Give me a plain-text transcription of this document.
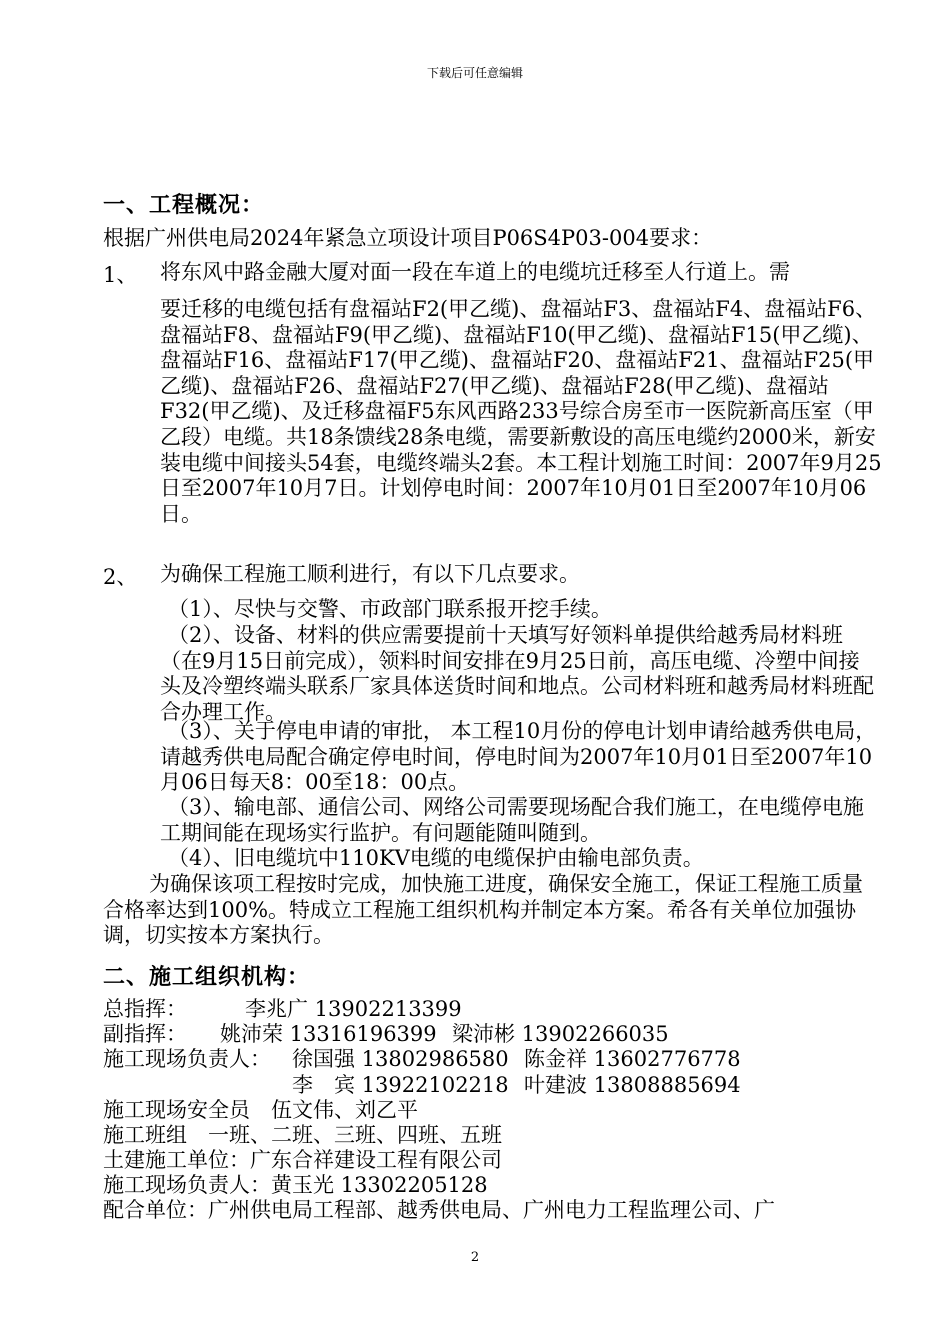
下载后可任意编辑
一、工程概况：
根据广州供电局2024年紧急立项设计项目P06S4P03-004要求：
1、 将东风中路金融大厦对面一段在车道上的电缆坑迁移至人行道上。需
要迁移的电缆包括有盘福站F2(甲乙缆)、盘福站F3、盘福站F4、盘福站F6、盘福站F8、盘福站F9(甲乙缆)、盘福站F10(甲乙缆)、盘福站F15(甲乙缆)、盘福站F16、盘福站F17(甲乙缆)、盘福站F20、盘福站F21、盘福站F25(甲乙缆)、盘福站F26、盘福站F27(甲乙缆)、盘福站F28(甲乙缆)、盘福站F32(甲乙缆)、及迁移盘福F5东风西路233号综合房至市一医院新高压室（甲乙段）电缆。共18条馈线28条电缆，需要新敷设的高压电缆约2000米，新安装电缆中间接头54套，电缆终端头2套。本工程计划施工时间：2007年9月25日至2007年10月7日。计划停电时间：2007年10月01日至2007年10月06日。
2、 为确保工程施工顺利进行，有以下几点要求。
（1）、尽快与交警、市政部门联系报开挖手续。
（2）、设备、材料的供应需要提前十天填写好领料单提供给越秀局材料班（在9月15日前完成），领料时间安排在9月25日前，高压电缆、冷塑中间接头及冷塑终端头联系厂家具体送货时间和地点。公司材料班和越秀局材料班配合办理工作。
（3）、关于停电申请的审批， 本工程10月份的停电计划申请给越秀供电局，请越秀供电局配合确定停电时间，停电时间为2007年10月01日至2007年10月06日每天8：00至18：00点。
（3）、输电部、通信公司、网络公司需要现场配合我们施工，在电缆停电施工期间能在现场实行监护。有问题能随叫随到。
（4）、旧电缆坑中110KV电缆的电缆保护由输电部负责。
为确保该项工程按时完成，加快施工进度，确保安全施工，保证工程施工质量合格率达到100%。特成立工程施工组织机构并制定本方案。希各有关单位加强协调，切实按本方案执行。
二、施工组织机构：
总指挥：	李兆广 13902213399
副指挥： 姚沛荣 13316196399 梁沛彬 13902266035
施工现场负责人： 徐国强 13802986580 陈金祥 13602776778
李　宾 13922102218 叶建波 13808885694
施工现场安全员　伍文伟、刘乙平
施工班组　一班、二班、三班、四班、五班
土建施工单位：广东合祥建设工程有限公司
施工现场负责人：黄玉光 13302205128
配合单位：广州供电局工程部、越秀供电局、广州电力工程监理公司、广
2
